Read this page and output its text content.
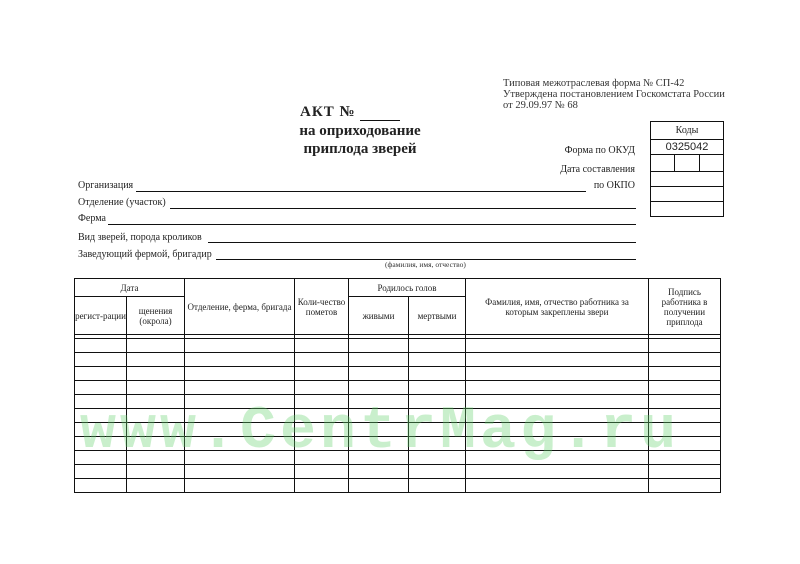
Типовая межотраслевая форма № СП-42
Утверждена постановлением Госкомстата России
от 29.09.97 № 68
АКТ №
на оприходование
приплода зверей
Коды
0325042
Форма по ОКУД
Дата составления
по ОКПО
Организация
Отделение (участок)
Ферма
Вид зверей, порода кроликов
Заведующий фермой, бригадир
(фамилия, имя, отчество)
Дата		Отделение, ферма, бригада	Коли-чество пометов	Родилось голов		Фамилия, имя, отчество работника за которым закреплены звери	Подпись работника в получении приплода
регист-рации	щенения (окрола)			живыми	мертвыми		

www.CentrMag.ru
